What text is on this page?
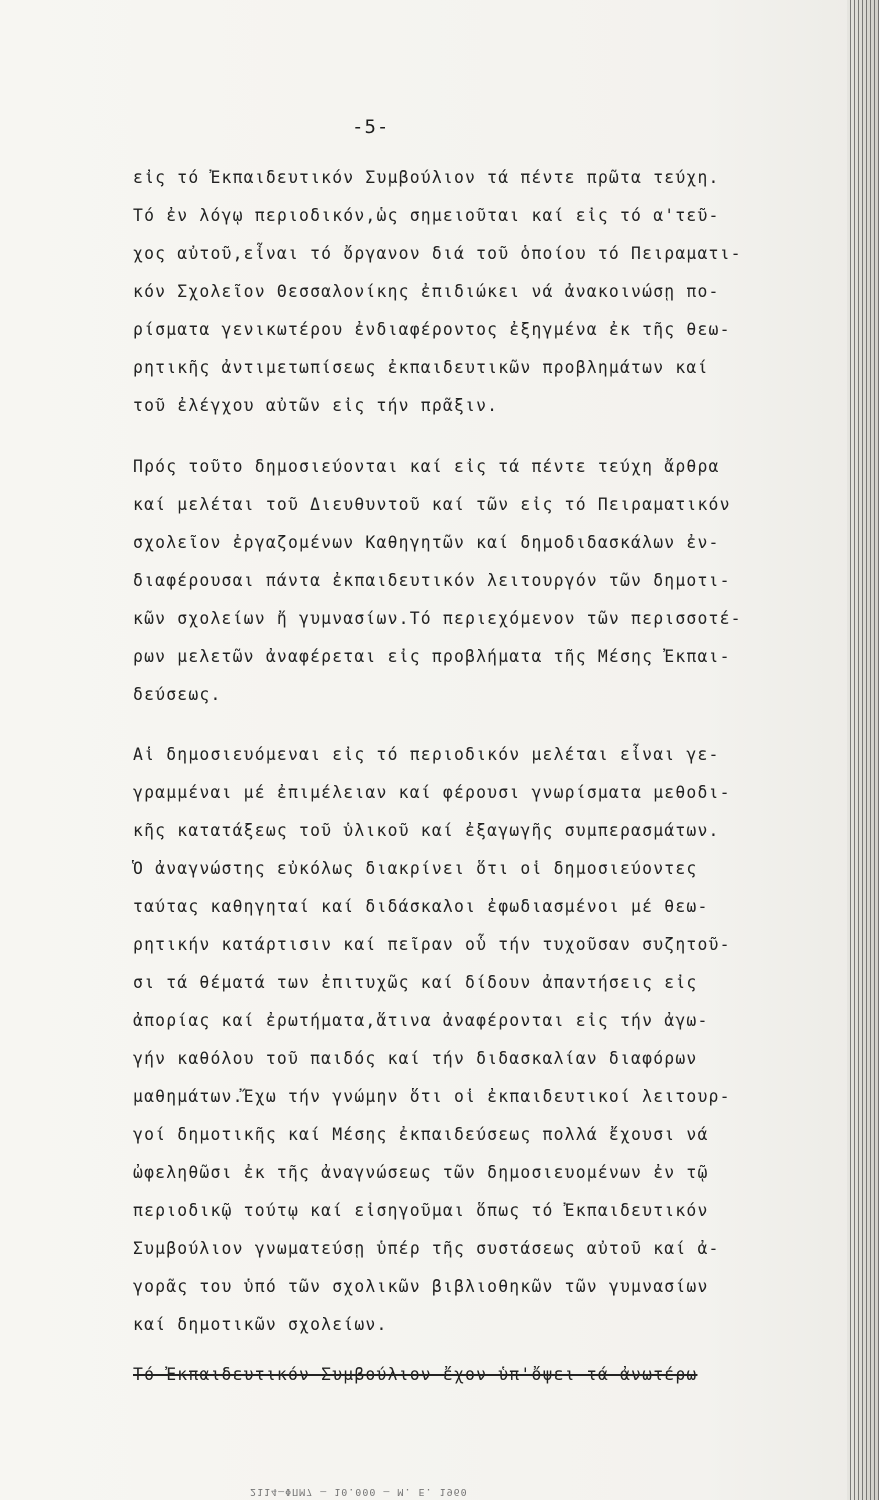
-5-
εἰς τό Ἐκπαιδευτικόν Συμβούλιον τά πέντε πρῶτα τεύχη.
Τό ἐν λόγῳ περιοδικόν,ὡς σημειοῦται καί εἰς τό α'τεῦ-
χος αὐτοῦ,εἶναι τό ὄργανον διά τοῦ ὁποίου τό Πειραματι-
κόν Σχολεῖον Θεσσαλονίκης ἐπιδιώκει νά ἀνακοινώσῃ πο-
ρίσματα γενικωτέρου ἐνδιαφέροντος ἐξηγμένα ἐκ τῆς θεω-
ρητικῆς ἀντιμετωπίσεως ἐκπαιδευτικῶν προβλημάτων καί
τοῦ ἐλέγχου αὐτῶν εἰς τήν πρᾶξιν.
Πρός τοῦτο δημοσιεύονται καί εἰς τά πέντε τεύχη ἄρθρα
καί μελέται τοῦ Διευθυντοῦ καί τῶν εἰς τό Πειραματικόν
σχολεῖον ἐργαζομένων Καθηγητῶν καί δημοδιδασκάλων ἐν-
διαφέρουσαι πάντα ἐκπαιδευτικόν λειτουργόν τῶν δημοτι-
κῶν σχολείων ἤ γυμνασίων.Τό περιεχόμενον τῶν περισσοτέ-
ρων μελετῶν ἀναφέρεται εἰς προβλήματα τῆς Μέσης Ἐκπαι-
δεύσεως.
Αἱ δημοσιευόμεναι εἰς τό περιοδικόν μελέται εἶναι γε-
γραμμέναι μέ ἐπιμέλειαν καί φέρουσι γνωρίσματα μεθοδι-
κῆς κατατάξεως τοῦ ὑλικοῦ καί ἐξαγωγῆς συμπερασμάτων.
Ὁ ἀναγνώστης εὐκόλως διακρίνει ὅτι οἱ δημοσιεύοντες
ταύτας καθηγηταί καί διδάσκαλοι ἐφωδιασμένοι μέ θεω-
ρητικήν κατάρτισιν καί πεῖραν οὗ τήν τυχοῦσαν συζητοῦ-
σι τά θέματά των ἐπιτυχῶς καί δίδουν ἀπαντήσεις εἰς
ἀπορίας καί ἐρωτήματα,ἅτινα ἀναφέρονται εἰς τήν ἀγω-
γήν καθόλου τοῦ παιδός καί τήν διδασκαλίαν διαφόρων
μαθημάτων.Ἔχω τήν γνώμην ὅτι οἱ ἐκπαιδευτικοί λειτουρ-
γοί δημοτικῆς καί Μέσης ἐκπαιδεύσεως πολλά ἔχουσι νά
ὠφεληθῶσι ἐκ τῆς ἀναγνώσεως τῶν δημοσιευομένων ἐν τῷ
περιοδικῷ τούτῳ καί εἰσηγοῦμαι ὅπως τό Ἐκπαιδευτικόν
Συμβούλιον γνωματεύσῃ ὑπέρ τῆς συστάσεως αὐτοῦ καί ἀ-
γορᾶς του ὑπό τῶν σχολικῶν βιβλιοθηκῶν τῶν γυμνασίων
καί δημοτικῶν σχολείων.
Τό Ἐκπαιδευτικόν Συμβούλιον ἔχον ὑπ'ὄψει τά ἀνωτέρω
2114—ΦΠΜ7 — 10.000 — Μ. Ε. 1960
